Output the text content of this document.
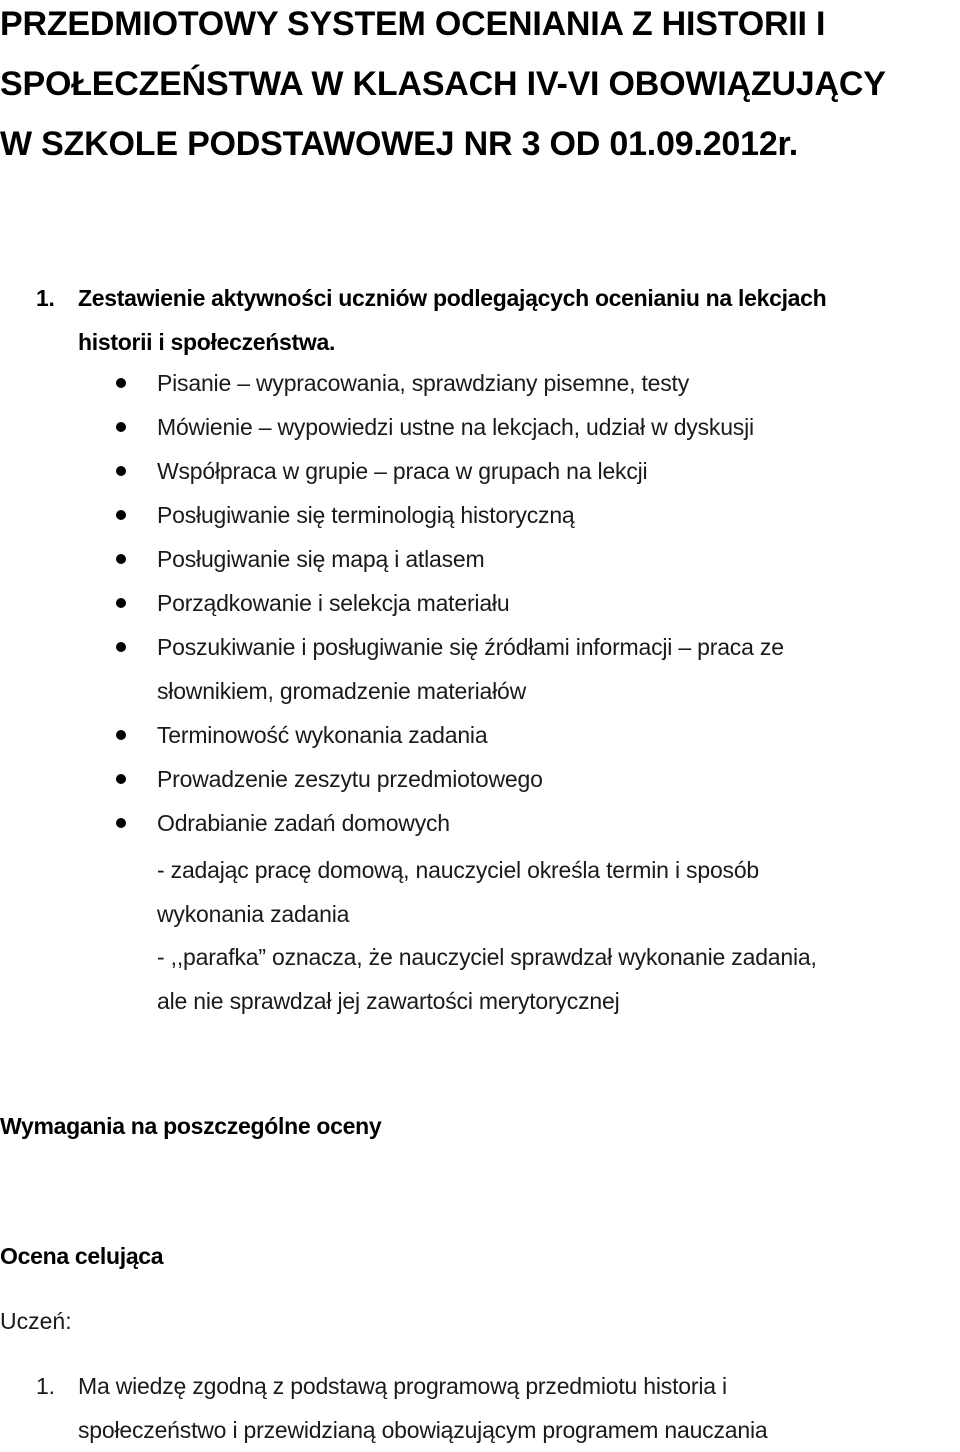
PRZEDMIOTOWY SYSTEM OCENIANIA Z HISTORII I
SPOŁECZEŃSTWA W KLASACH IV-VI OBOWIĄZUJĄCY
W SZKOLE PODSTAWOWEJ NR 3 OD 01.09.2012r.
1. Zestawienie aktywności uczniów podlegających ocenianiu na lekcjach
historii i społeczeństwa.
Pisanie – wypracowania, sprawdziany pisemne, testy
Mówienie – wypowiedzi ustne na lekcjach, udział w dyskusji
Współpraca w grupie – praca w grupach na lekcji
Posługiwanie się terminologią historyczną
Posługiwanie się mapą i atlasem
Porządkowanie i selekcja materiału
Poszukiwanie i posługiwanie się źródłami informacji – praca ze
słownikiem, gromadzenie materiałów
Terminowość wykonania zadania
Prowadzenie zeszytu przedmiotowego
Odrabianie zadań domowych
- zadając pracę domową, nauczyciel określa termin i sposób
wykonania zadania
- ,,parafka” oznacza, że nauczyciel sprawdzał wykonanie zadania,
ale nie sprawdzał jej zawartości merytorycznej
Wymagania na poszczególne oceny
Ocena celująca
Uczeń:
1. Ma wiedzę zgodną z podstawą programową przedmiotu historia i
społeczeństwo i przewidzianą obowiązującym programem nauczania
